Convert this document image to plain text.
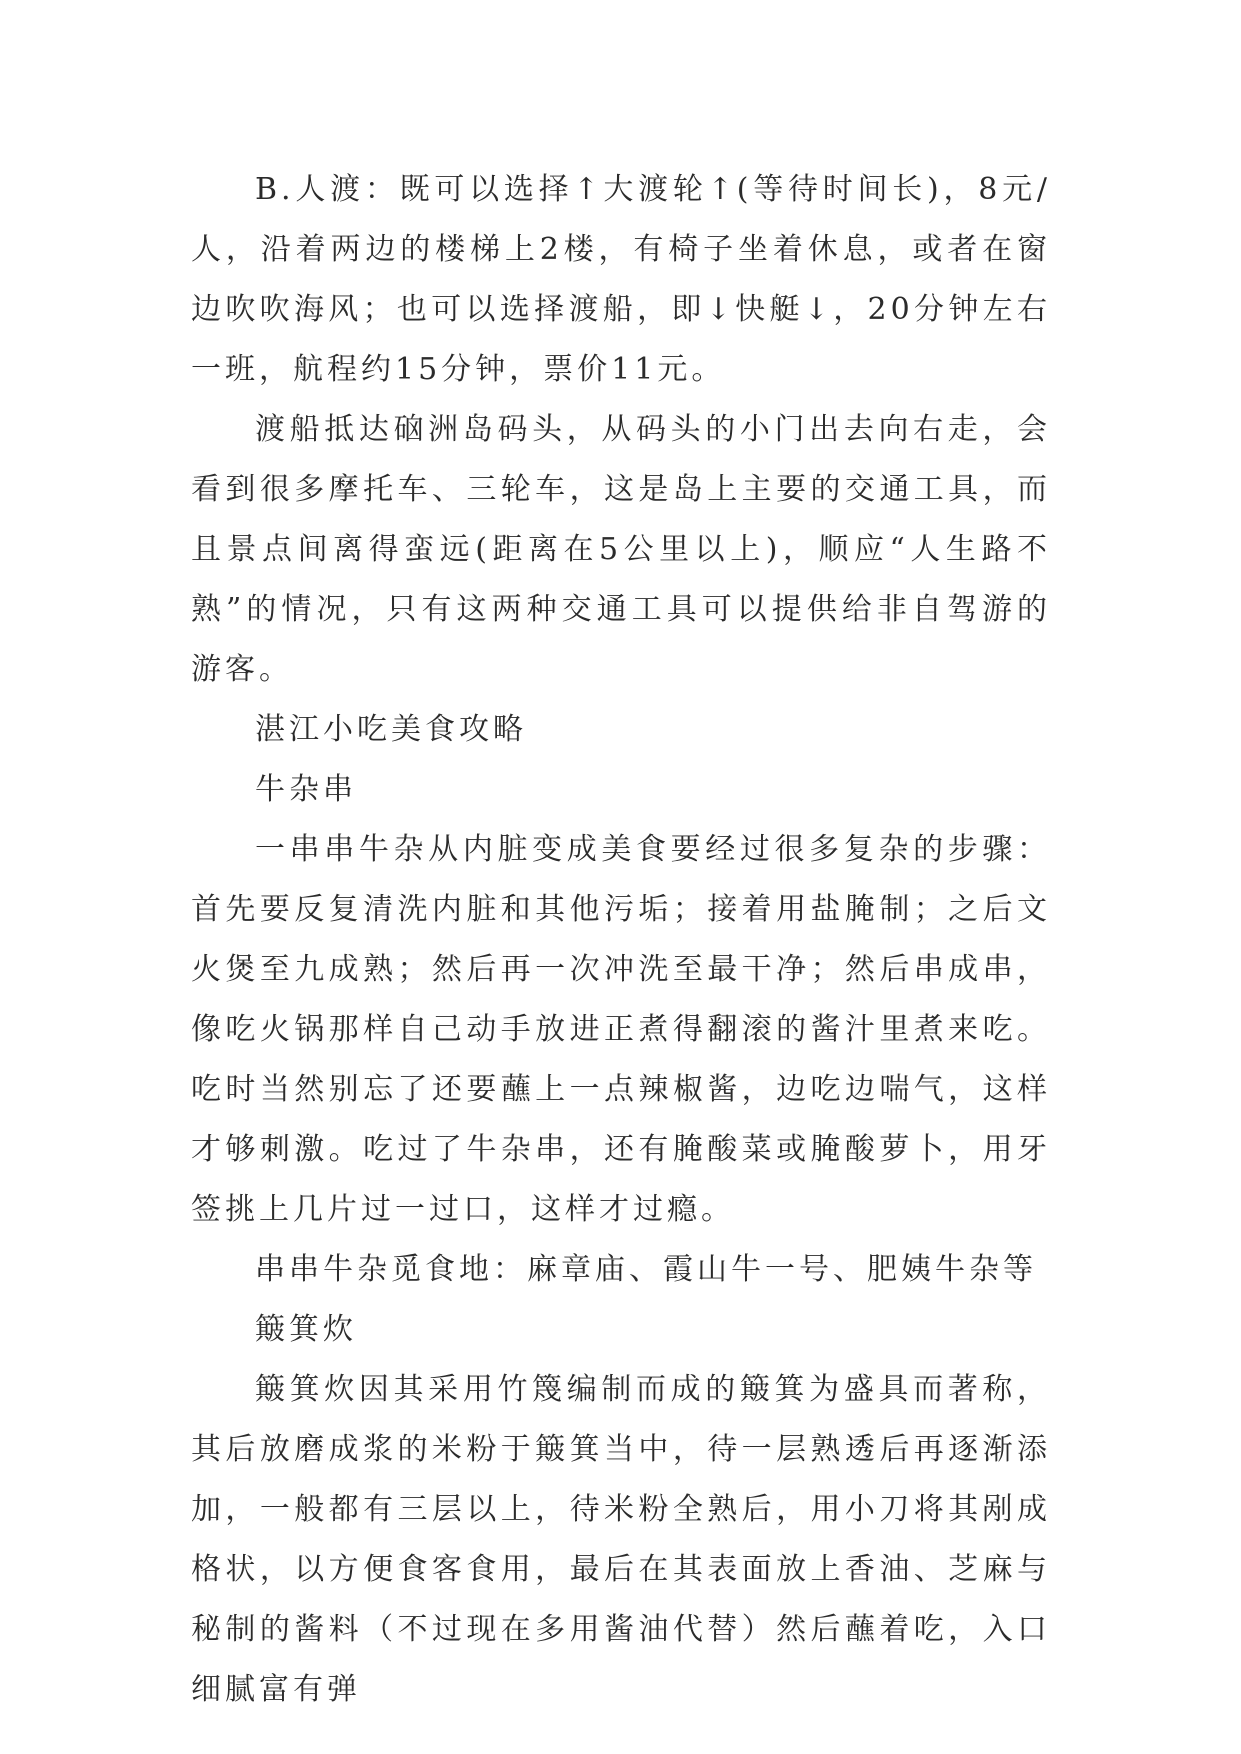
B.人渡：既可以选择↑大渡轮↑(等待时间长)，8元/人，沿着两边的楼梯上2楼，有椅子坐着休息，或者在窗边吹吹海风；也可以选择渡船，即↓快艇↓，20分钟左右一班，航程约15分钟，票价11元。

渡船抵达硇洲岛码头，从码头的小门出去向右走，会看到很多摩托车、三轮车，这是岛上主要的交通工具，而且景点间离得蛮远(距离在5公里以上)，顺应“人生路不熟”的情况，只有这两种交通工具可以提供给非自驾游的游客。

湛江小吃美食攻略

牛杂串

一串串牛杂从内脏变成美食要经过很多复杂的步骤：首先要反复清洗内脏和其他污垢；接着用盐腌制；之后文火煲至九成熟；然后再一次冲洗至最干净；然后串成串，像吃火锅那样自己动手放进正煮得翻滚的酱汁里煮来吃。吃时当然别忘了还要蘸上一点辣椒酱，边吃边喘气，这样才够刺激。吃过了牛杂串，还有腌酸菜或腌酸萝卜，用牙签挑上几片过一过口，这样才过瘾。

串串牛杂觅食地：麻章庙、霞山牛一号、肥姨牛杂等

簸箕炊

簸箕炊因其采用竹篾编制而成的簸箕为盛具而著称，其后放磨成浆的米粉于簸箕当中，待一层熟透后再逐渐添加，一般都有三层以上，待米粉全熟后，用小刀将其剐成格状，以方便食客食用，最后在其表面放上香油、芝麻与秘制的酱料（不过现在多用酱油代替）然后蘸着吃，入口细腻富有弹
